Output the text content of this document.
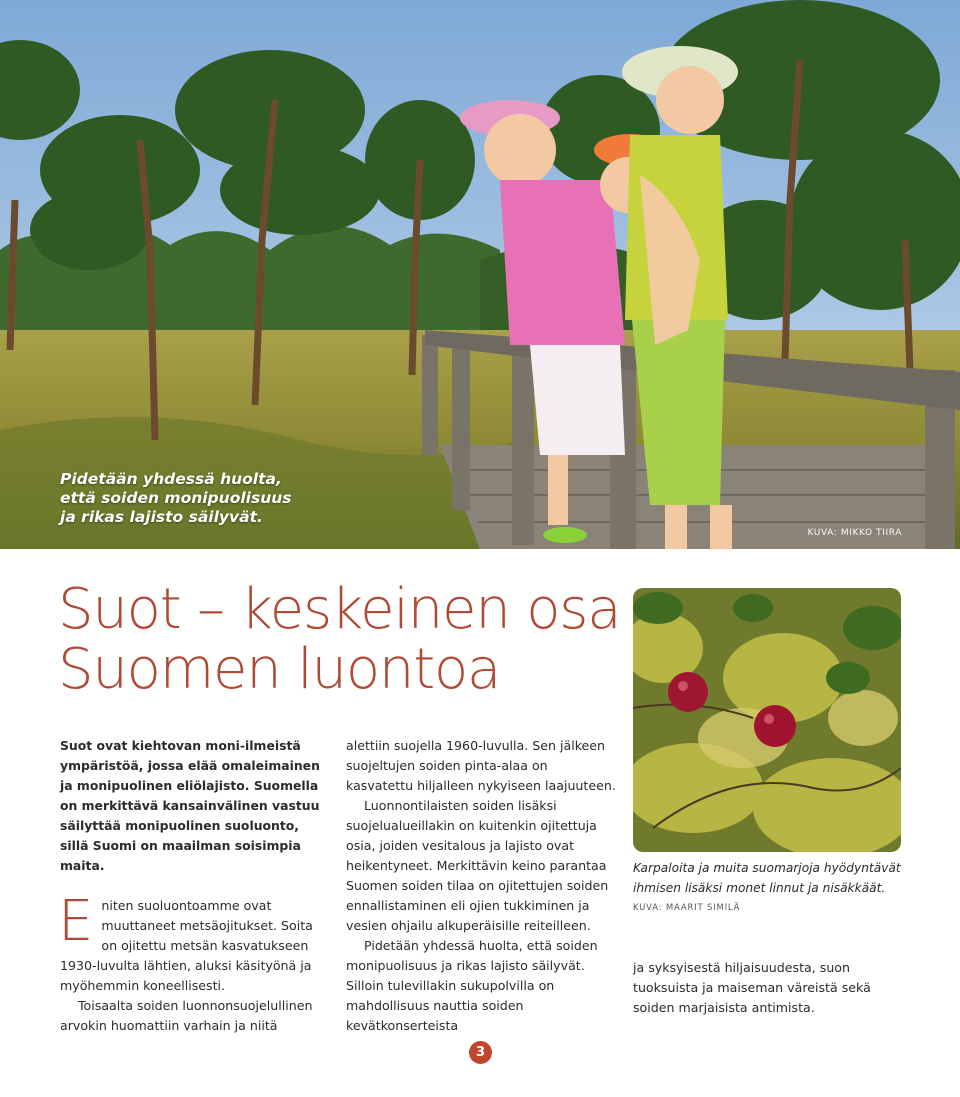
Pidetään yhdessä huolta,
että soiden monipuolisuus
ja rikas lajisto säilyvät.
KUVA: MIKKO TIIRA
Suot – keskeinen osa
Suomen luontoa

Suot ovat kiehtovan moni-ilmeistä ympäristöä, jossa elää omaleimainen ja monipuolinen eliölajisto. Suomella on merkittävä kansainvälinen vastuu säilyttää monipuolinen suoluonto, sillä Suomi on maailman soisimpia maita.

Eniten suoluontoamme ovat muuttaneet metsäojitukset. Soita on ojitettu metsän kasvatukseen 1930-luvulta lähtien, aluksi käsityönä ja myöhemmin koneellisesti.

Toisaalta soiden luonnonsuojelullinen arvokin huomattiin varhain ja niitä

alettiin suojella 1960-luvulla. Sen jälkeen suojeltujen soiden pinta-alaa on kasvatettu hiljalleen nykyiseen laajuuteen.

Luonnontilaisten soiden lisäksi suojelualueillakin on kuitenkin ojitettuja osia, joiden vesitalous ja lajisto ovat heikentyneet. Merkittävin keino parantaa Suomen soiden tilaa on ojitettujen soiden ennallistaminen eli ojien tukkiminen ja vesien ohjailu alkuperäisille reiteilleen.

Pidetään yhdessä huolta, että soiden monipuolisuus ja rikas lajisto säilyvät. Silloin tulevillakin sukupolvilla on mahdollisuus nauttia soiden kevätkonserteista

Karpaloita ja muita suomarjoja hyödyntävät ihmisen lisäksi monet linnut ja nisäkkäät.

KUVA: MAARIT SIMILÄ

ja syksyisestä hiljaisuudesta, suon tuoksuista ja maiseman väreistä sekä soiden marjaisista antimista.

3
